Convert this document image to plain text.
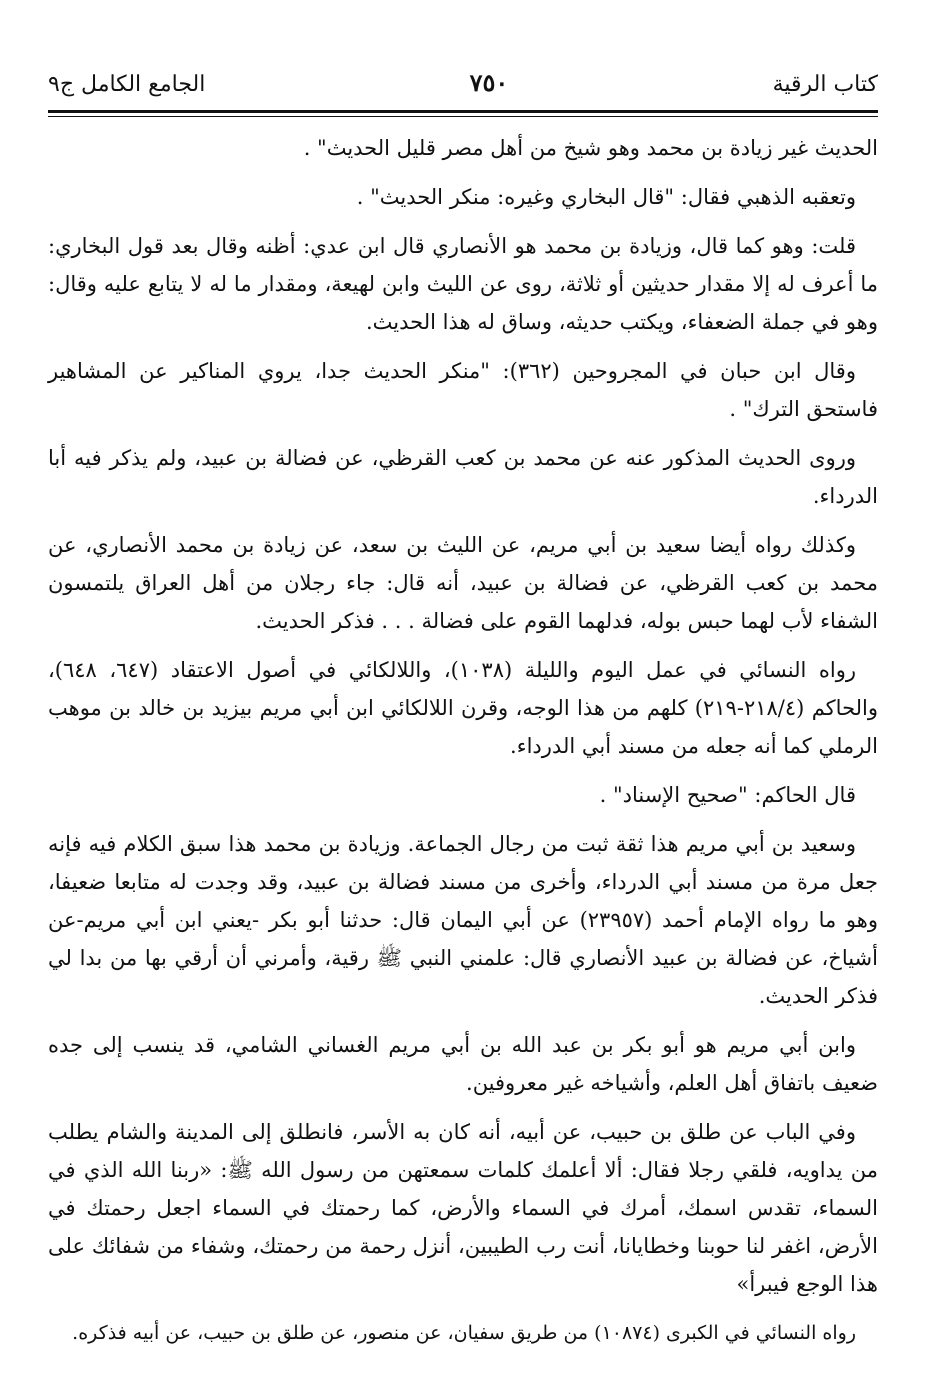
كتاب الرقية
٧٥٠
الجامع الكامل ج٩

الحديث غير زيادة بن محمد وهو شيخ من أهل مصر قليل الحديث" .

وتعقبه الذهبي فقال: "قال البخاري وغيره: منكر الحديث" .

قلت: وهو كما قال، وزيادة بن محمد هو الأنصاري قال ابن عدي: أظنه وقال بعد قول البخاري: ما أعرف له إلا مقدار حديثين أو ثلاثة، روى عن الليث وابن لهيعة، ومقدار ما له لا يتابع عليه وقال: وهو في جملة الضعفاء، ويكتب حديثه، وساق له هذا الحديث.

وقال ابن حبان في المجروحين (٣٦٢): "منكر الحديث جدا، يروي المناكير عن المشاهير فاستحق الترك" .

وروى الحديث المذكور عنه عن محمد بن كعب القرظي، عن فضالة بن عبيد، ولم يذكر فيه أبا الدرداء.

وكذلك رواه أيضا سعيد بن أبي مريم، عن الليث بن سعد، عن زيادة بن محمد الأنصاري، عن محمد بن كعب القرظي، عن فضالة بن عبيد، أنه قال: جاء رجلان من أهل العراق يلتمسون الشفاء لأب لهما حبس بوله، فدلهما القوم على فضالة . . . فذكر الحديث.

رواه النسائي في عمل اليوم والليلة (١٠٣٨)، واللالكائي في أصول الاعتقاد (٦٤٧، ٦٤٨)، والحاكم (٢١٨/٤-٢١٩) كلهم من هذا الوجه، وقرن اللالكائي ابن أبي مريم بيزيد بن خالد بن موهب الرملي كما أنه جعله من مسند أبي الدرداء.

قال الحاكم: "صحيح الإسناد" .

وسعيد بن أبي مريم هذا ثقة ثبت من رجال الجماعة. وزيادة بن محمد هذا سبق الكلام فيه فإنه جعل مرة من مسند أبي الدرداء، وأخرى من مسند فضالة بن عبيد، وقد وجدت له متابعا ضعيفا، وهو ما رواه الإمام أحمد (٢٣٩٥٧) عن أبي اليمان قال: حدثنا أبو بكر -يعني ابن أبي مريم-عن أشياخ، عن فضالة بن عبيد الأنصاري قال: علمني النبي ﷺ رقية، وأمرني أن أرقي بها من بدا لي فذكر الحديث.

وابن أبي مريم هو أبو بكر بن عبد الله بن أبي مريم الغساني الشامي، قد ينسب إلى جده ضعيف باتفاق أهل العلم، وأشياخه غير معروفين.

وفي الباب عن طلق بن حبيب، عن أبيه، أنه كان به الأسر، فانطلق إلى المدينة والشام يطلب من يداويه، فلقي رجلا فقال: ألا أعلمك كلمات سمعتهن من رسول الله ﷺ: «ربنا الله الذي في السماء، تقدس اسمك، أمرك في السماء والأرض، كما رحمتك في السماء اجعل رحمتك في الأرض، اغفر لنا حوبنا وخطايانا، أنت رب الطيبين، أنزل رحمة من رحمتك، وشفاء من شفائك على هذا الوجع فيبرأ»

رواه النسائي في الكبرى (١٠٨٧٤) من طريق سفيان، عن منصور، عن طلق بن حبيب، عن أبيه فذكره.
